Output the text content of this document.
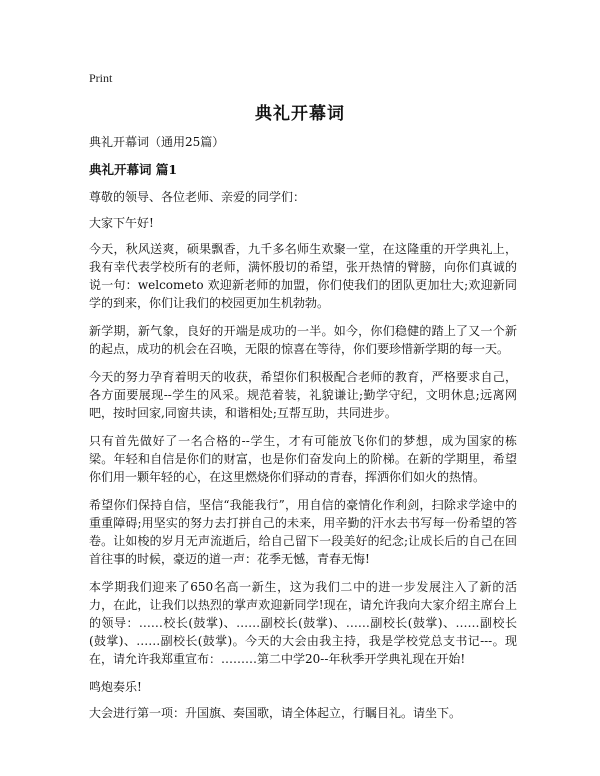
Print
典礼开幕词
典礼开幕词（通用25篇）
典礼开幕词 篇1

尊敬的领导、各位老师、亲爱的同学们：

大家下午好!

今天，秋风送爽，硕果飘香，九千多名师生欢聚一堂，在这隆重的开学典礼上，我有幸代表学校所有的老师，满怀殷切的希望，张开热情的臂膀，向你们真诚的说一句：welcometo 欢迎新老师的加盟，你们使我们的团队更加壮大;欢迎新同学的到来，你们让我们的校园更加生机勃勃。

新学期，新气象，良好的开端是成功的一半。如今，你们稳健的踏上了又一个新的起点，成功的机会在召唤，无限的惊喜在等待，你们要珍惜新学期的每一天。

今天的努力孕育着明天的收获，希望你们积极配合老师的教育，严格要求自己，各方面要展现--学生的风采。规范着装，礼貌谦让;勤学守纪，文明休息;远离网吧，按时回家,同窗共读，和谐相处;互帮互助，共同进步。

只有首先做好了一名合格的--学生，才有可能放飞你们的梦想，成为国家的栋梁。年轻和自信是你们的财富，也是你们奋发向上的阶梯。在新的学期里，希望你们用一颗年轻的心，在这里燃烧你们驿动的青春，挥洒你们如火的热情。

希望你们保持自信，坚信“我能我行”，用自信的豪情化作利剑，扫除求学途中的重重障碍;用坚实的努力去打拼自己的未来，用辛勤的汗水去书写每一份希望的答卷。让如梭的岁月无声流逝后，给自己留下一段美好的纪念;让成长后的自己在回首往事的时候，豪迈的道一声：花季无憾，青春无悔!

本学期我们迎来了650名高一新生，这为我们二中的进一步发展注入了新的活力，在此，让我们以热烈的掌声欢迎新同学!现在，请允许我向大家介绍主席台上的领导：……校长(鼓掌)、……副校长(鼓掌)、……副校长(鼓掌)、……副校长(鼓掌)、……副校长(鼓掌)。今天的大会由我主持，我是学校党总支书记---。现在，请允许我郑重宣布：………第二中学20--年秋季开学典礼现在开始!

鸣炮奏乐!

大会进行第一项：升国旗、奏国歌，请全体起立，行瞩目礼。请坐下。
